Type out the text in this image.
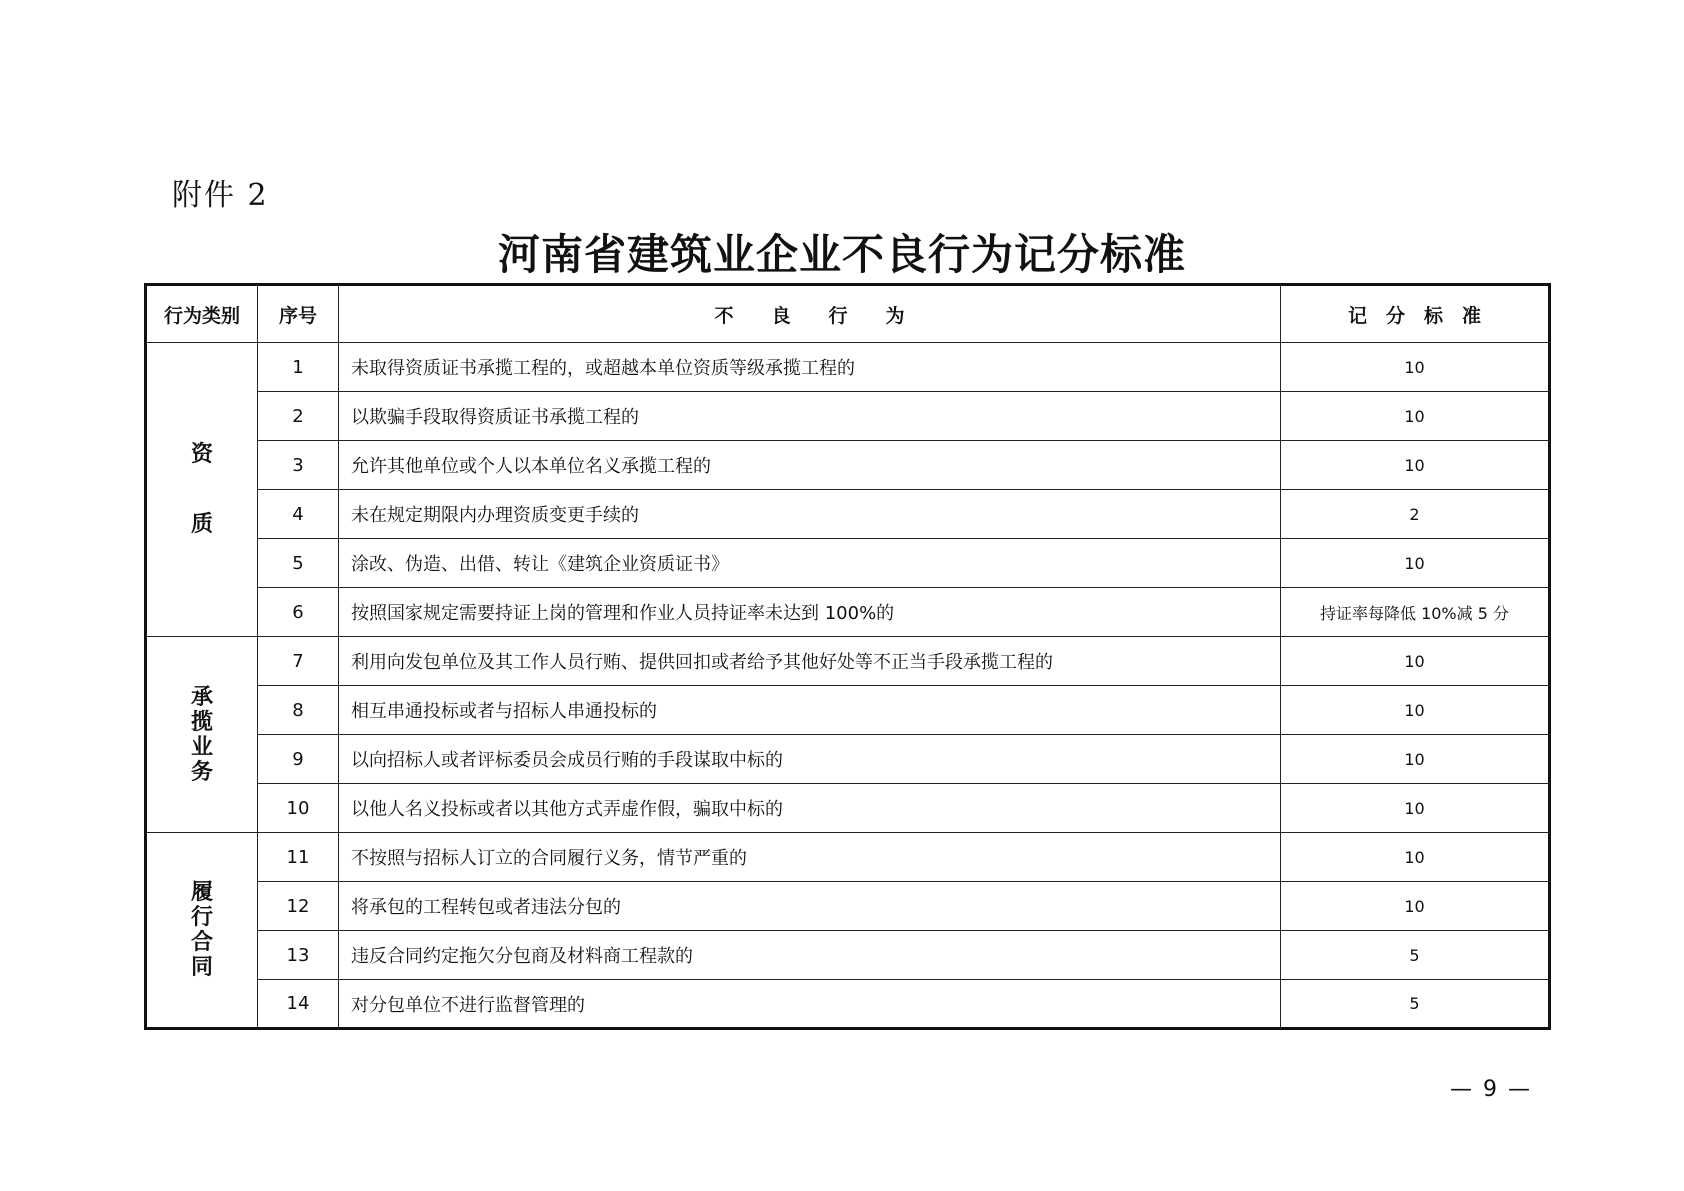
附件 2
河南省建筑业企业不良行为记分标准
行为类别	序号	不　　良　　行　　为	记　分　标　准
资
质	1	未取得资质证书承揽工程的，或超越本单位资质等级承揽工程的	10
	2	以欺骗手段取得资质证书承揽工程的	10
	3	允许其他单位或个人以本单位名义承揽工程的	10
	4	未在规定期限内办理资质变更手续的	2
	5	涂改、伪造、出借、转让《建筑企业资质证书》	10
	6	按照国家规定需要持证上岗的管理和作业人员持证率未达到 100%的	持证率每降低 10%减 5 分
承
揽
业
务	7	利用向发包单位及其工作人员行贿、提供回扣或者给予其他好处等不正当手段承揽工程的	10
	8	相互串通投标或者与招标人串通投标的	10
	9	以向招标人或者评标委员会成员行贿的手段谋取中标的	10
	10	以他人名义投标或者以其他方式弄虚作假，骗取中标的	10
履
行
合
同	11	不按照与招标人订立的合同履行义务，情节严重的	10
	12	将承包的工程转包或者违法分包的	10
	13	违反合同约定拖欠分包商及材料商工程款的	5
	14	对分包单位不进行监督管理的	5
— 9 —
